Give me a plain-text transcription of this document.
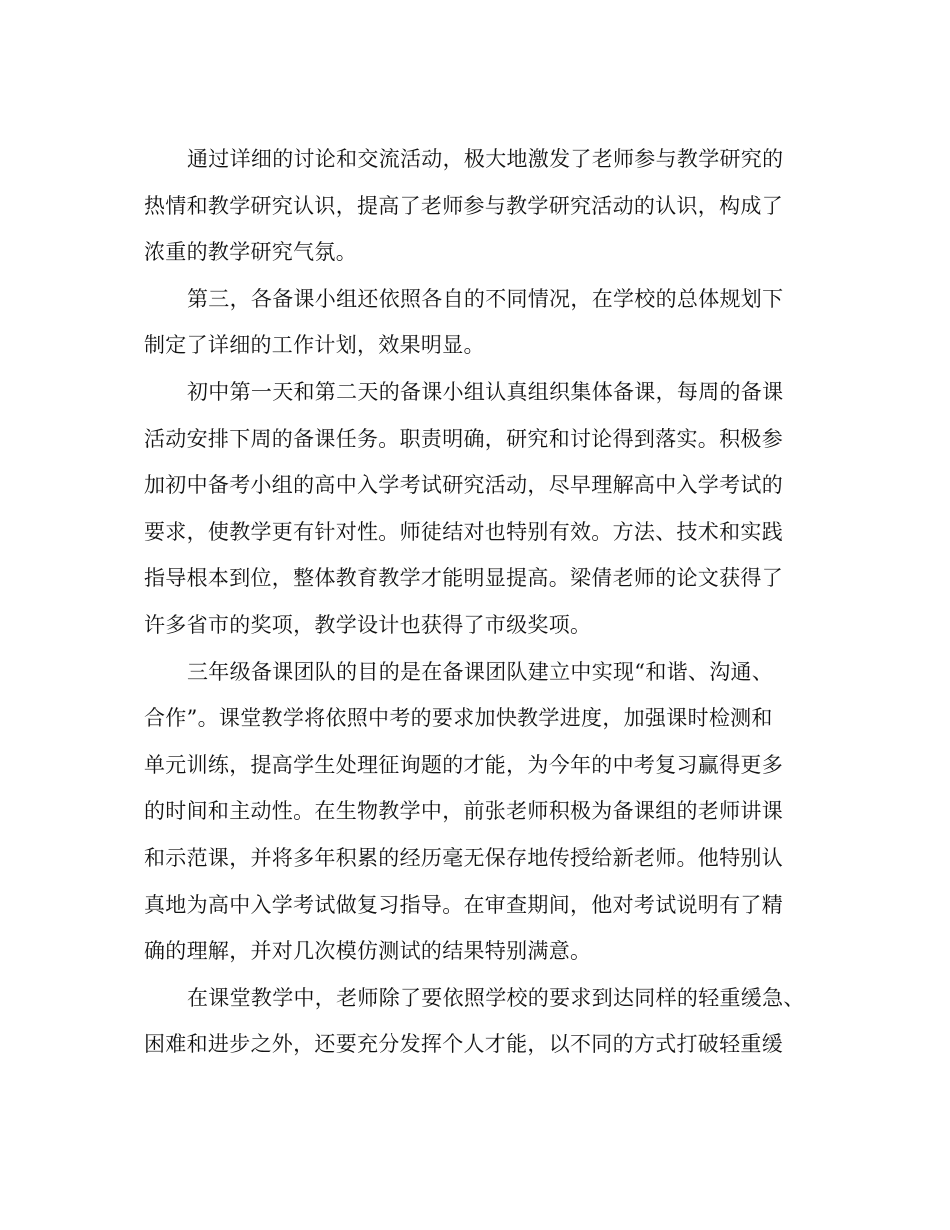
通过详细的讨论和交流活动，极大地激发了老师参与教学研究的
热情和教学研究认识，提高了老师参与教学研究活动的认识，构成了
浓重的教学研究气氛。
第三，各备课小组还依照各自的不同情况，在学校的总体规划下
制定了详细的工作计划，效果明显。
初中第一天和第二天的备课小组认真组织集体备课，每周的备课
活动安排下周的备课任务。职责明确，研究和讨论得到落实。积极参
加初中备考小组的高中入学考试研究活动，尽早理解高中入学考试的
要求，使教学更有针对性。师徒结对也特别有效。方法、技术和实践
指导根本到位，整体教育教学才能明显提高。梁倩老师的论文获得了
许多省市的奖项，教学设计也获得了市级奖项。
三年级备课团队的目的是在备课团队建立中实现“和谐、沟通、
合作”。课堂教学将依照中考的要求加快教学进度，加强课时检测和
单元训练，提高学生处理征询题的才能，为今年的中考复习赢得更多
的时间和主动性。在生物教学中，前张老师积极为备课组的老师讲课
和示范课，并将多年积累的经历毫无保存地传授给新老师。他特别认
真地为高中入学考试做复习指导。在审查期间，他对考试说明有了精
确的理解，并对几次模仿测试的结果特别满意。
在课堂教学中，老师除了要依照学校的要求到达同样的轻重缓急、
困难和进步之外，还要充分发挥个人才能，以不同的方式打破轻重缓
